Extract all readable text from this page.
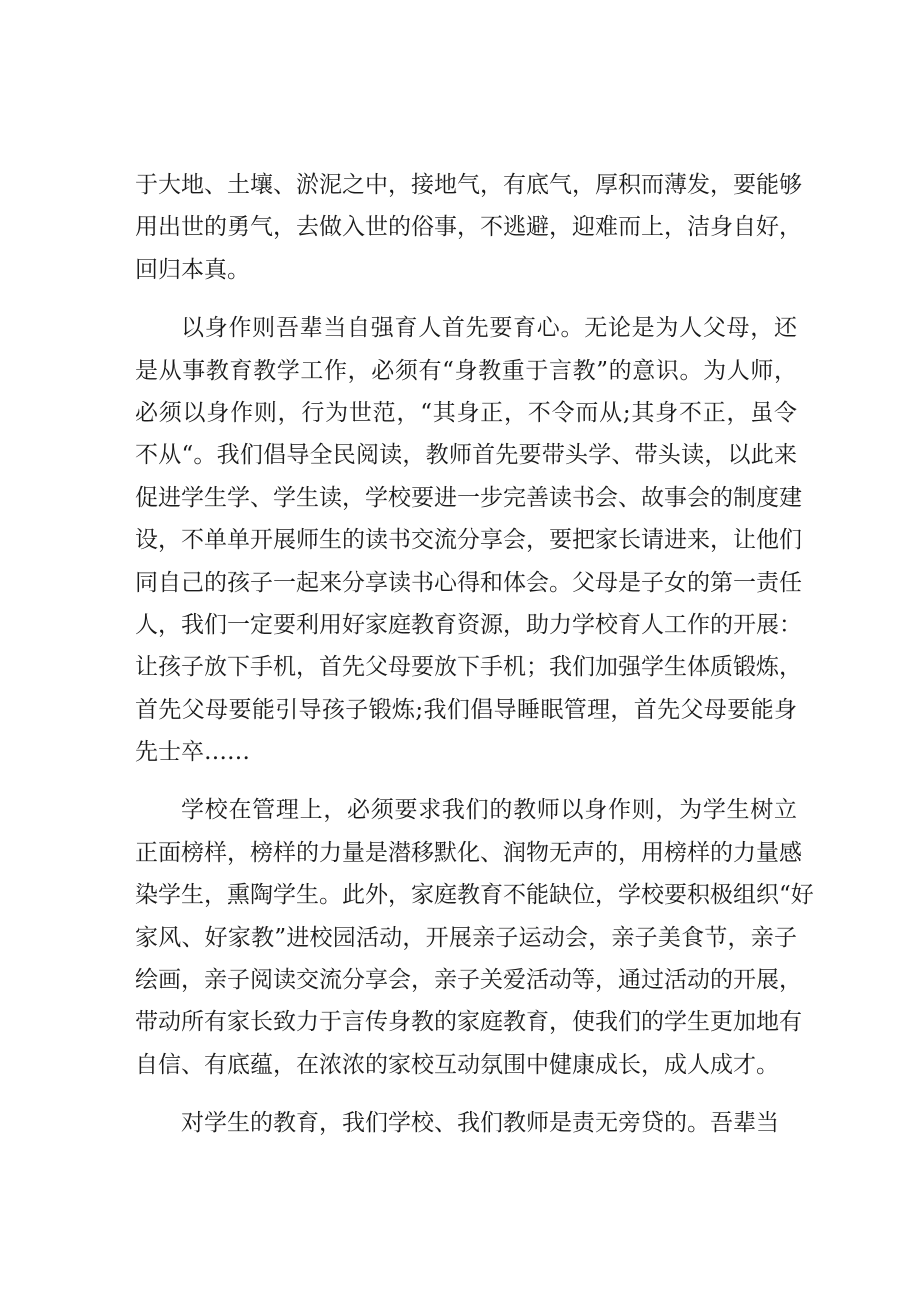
于大地、土壤、淤泥之中，接地气，有底气，厚积而薄发，要能够
用出世的勇气，去做入世的俗事，不逃避，迎难而上，洁身自好，
回归本真。
以身作则吾辈当自强育人首先要育心。无论是为人父母，还
是从事教育教学工作，必须有“身教重于言教”的意识。为人师，
必须以身作则，行为世范，“其身正，不令而从;其身不正，虽令
不从“。我们倡导全民阅读，教师首先要带头学、带头读，以此来
促进学生学、学生读，学校要进一步完善读书会、故事会的制度建
设，不单单开展师生的读书交流分享会，要把家长请进来，让他们
同自己的孩子一起来分享读书心得和体会。父母是子女的第一责任
人，我们一定要利用好家庭教育资源，助力学校育人工作的开展：
让孩子放下手机，首先父母要放下手机；我们加强学生体质锻炼，
首先父母要能引导孩子锻炼;我们倡导睡眠管理，首先父母要能身
先士卒……
学校在管理上，必须要求我们的教师以身作则，为学生树立
正面榜样，榜样的力量是潜移默化、润物无声的，用榜样的力量感
染学生，熏陶学生。此外，家庭教育不能缺位，学校要积极组织“好
家风、好家教”进校园活动，开展亲子运动会，亲子美食节，亲子
绘画，亲子阅读交流分享会，亲子关爱活动等，通过活动的开展，
带动所有家长致力于言传身教的家庭教育，使我们的学生更加地有
自信、有底蕴，在浓浓的家校互动氛围中健康成长，成人成才。
对学生的教育，我们学校、我们教师是责无旁贷的。吾辈当
